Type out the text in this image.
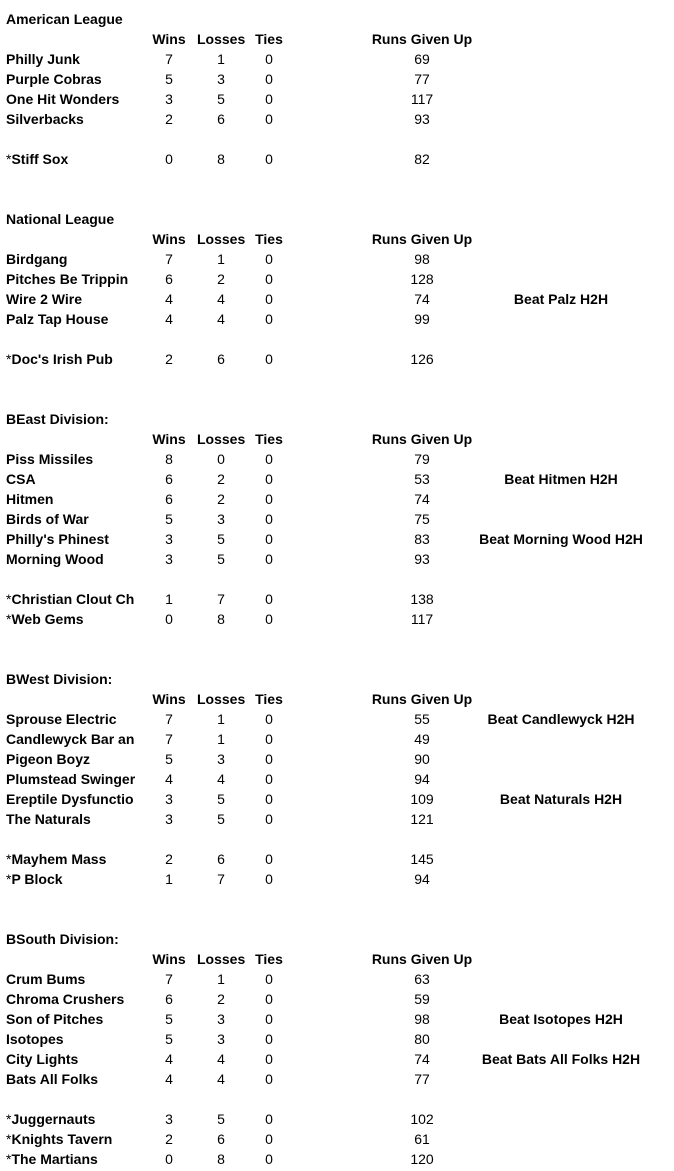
American League
Wins Losses Ties	Runs Given Up
Philly Junk	7	1	0	69
Purple Cobras	5	3	0	77
One Hit Wonders	3	5	0	117
Silverbacks	2	6	0	93
*Stiff Sox	0	8	0	82
National League
Wins Losses Ties	Runs Given Up
Birdgang	7	1	0	98
Pitches Be Trippin	6	2	0	128
Wire 2 Wire	4	4	0	74	Beat Palz H2H
Palz Tap House	4	4	0	99
*Doc's Irish Pub	2	6	0	126
BEast Division:
Wins Losses Ties	Runs Given Up
Piss Missiles	8	0	0	79
CSA	6	2	0	53	Beat Hitmen H2H
Hitmen	6	2	0	74
Birds of War	5	3	0	75
Philly's Phinest	3	5	0	83	Beat Morning Wood H2H
Morning Wood	3	5	0	93
*Christian Clout Ch	1	7	0	138
*Web Gems	0	8	0	117
BWest Division:
Wins Losses Ties	Runs Given Up
Sprouse Electric	7	1	0	55	Beat Candlewyck H2H
Candlewyck Bar an	7	1	0	49
Pigeon Boyz	5	3	0	90
Plumstead Swinger	4	4	0	94
Ereptile Dysfunctio	3	5	0	109	Beat Naturals H2H
The Naturals	3	5	0	121
*Mayhem Mass	2	6	0	145
*P Block	1	7	0	94
BSouth Division:
Wins Losses Ties	Runs Given Up
Crum Bums	7	1	0	63
Chroma Crushers	6	2	0	59
Son of Pitches	5	3	0	98	Beat Isotopes H2H
Isotopes	5	3	0	80
City Lights	4	4	0	74	Beat Bats All Folks H2H
Bats All Folks	4	4	0	77
*Juggernauts	3	5	0	102
*Knights Tavern	2	6	0	61
*The Martians	0	8	0	120
